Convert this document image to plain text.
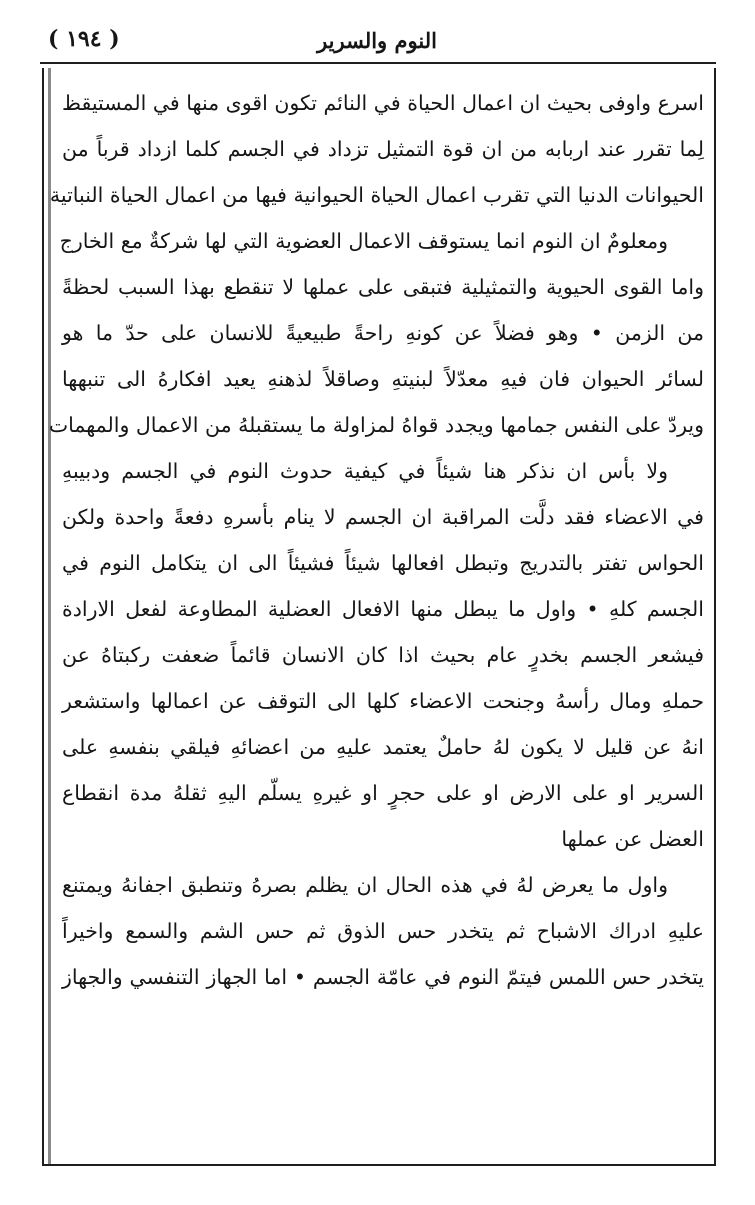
النوم والسرير
( ١٩٤ )
اسرع واوفى بحيث ان اعمال الحياة في النائم تكون اقوى منها في المستيقظ
لِما تقرر عند اربابه من ان قوة التمثيل تزداد في الجسم كلما ازداد قرباً من
الحيوانات الدنيا التي تقرب اعمال الحياة الحيوانية فيها من اعمال الحياة النباتية
ومعلومٌ ان النوم انما يستوقف الاعمال العضوية التي لها شركةٌ مع الخارج
واما القوى الحيوية والتمثيلية فتبقى على عملها لا تنقطع بهذا السبب لحظةً
من الزمن • وهو فضلاً عن كونهِ راحةً طبيعيةً للانسان على حدّ ما هو
لسائر الحيوان فان فيهِ معدّلاً لبنيتهِ وصاقلاً لذهنهِ يعيد افكارهُ الى تنبهها
ويردّ على النفس جمامها ويجدد قواهُ لمزاولة ما يستقبلهُ من الاعمال والمهمات
ولا بأس ان نذكر هنا شيئاً في كيفية حدوث النوم في الجسم ودبيبهِ
في الاعضاء فقد دلَّت المراقبة ان الجسم لا ينام بأسرهِ دفعةً واحدة ولكن
الحواس تفتر بالتدريج وتبطل افعالها شيئاً فشيئاً الى ان يتكامل النوم في
الجسم كلهِ • واول ما يبطل منها الافعال العضلية المطاوعة لفعل الارادة
فيشعر الجسم بخدرٍ عام بحيث اذا كان الانسان قائماً ضعفت ركبتاهُ عن
حملهِ ومال رأسهُ وجنحت الاعضاء كلها الى التوقف عن اعمالها واستشعر
انهُ عن قليل لا يكون لهُ حاملٌ يعتمد عليهِ من اعضائهِ فيلقي بنفسهِ على
السرير او على الارض او على حجرٍ او غيرهِ يسلّم اليهِ ثقلهُ مدة انقطاع
العضل عن عملها
واول ما يعرض لهُ في هذه الحال ان يظلم بصرهُ وتنطبق اجفانهُ ويمتنع
عليهِ ادراك الاشباح ثم يتخدر حس الذوق ثم حس الشم والسمع واخيراً
يتخدر حس اللمس فيتمّ النوم في عامّة الجسم • اما الجهاز التنفسي والجهاز
